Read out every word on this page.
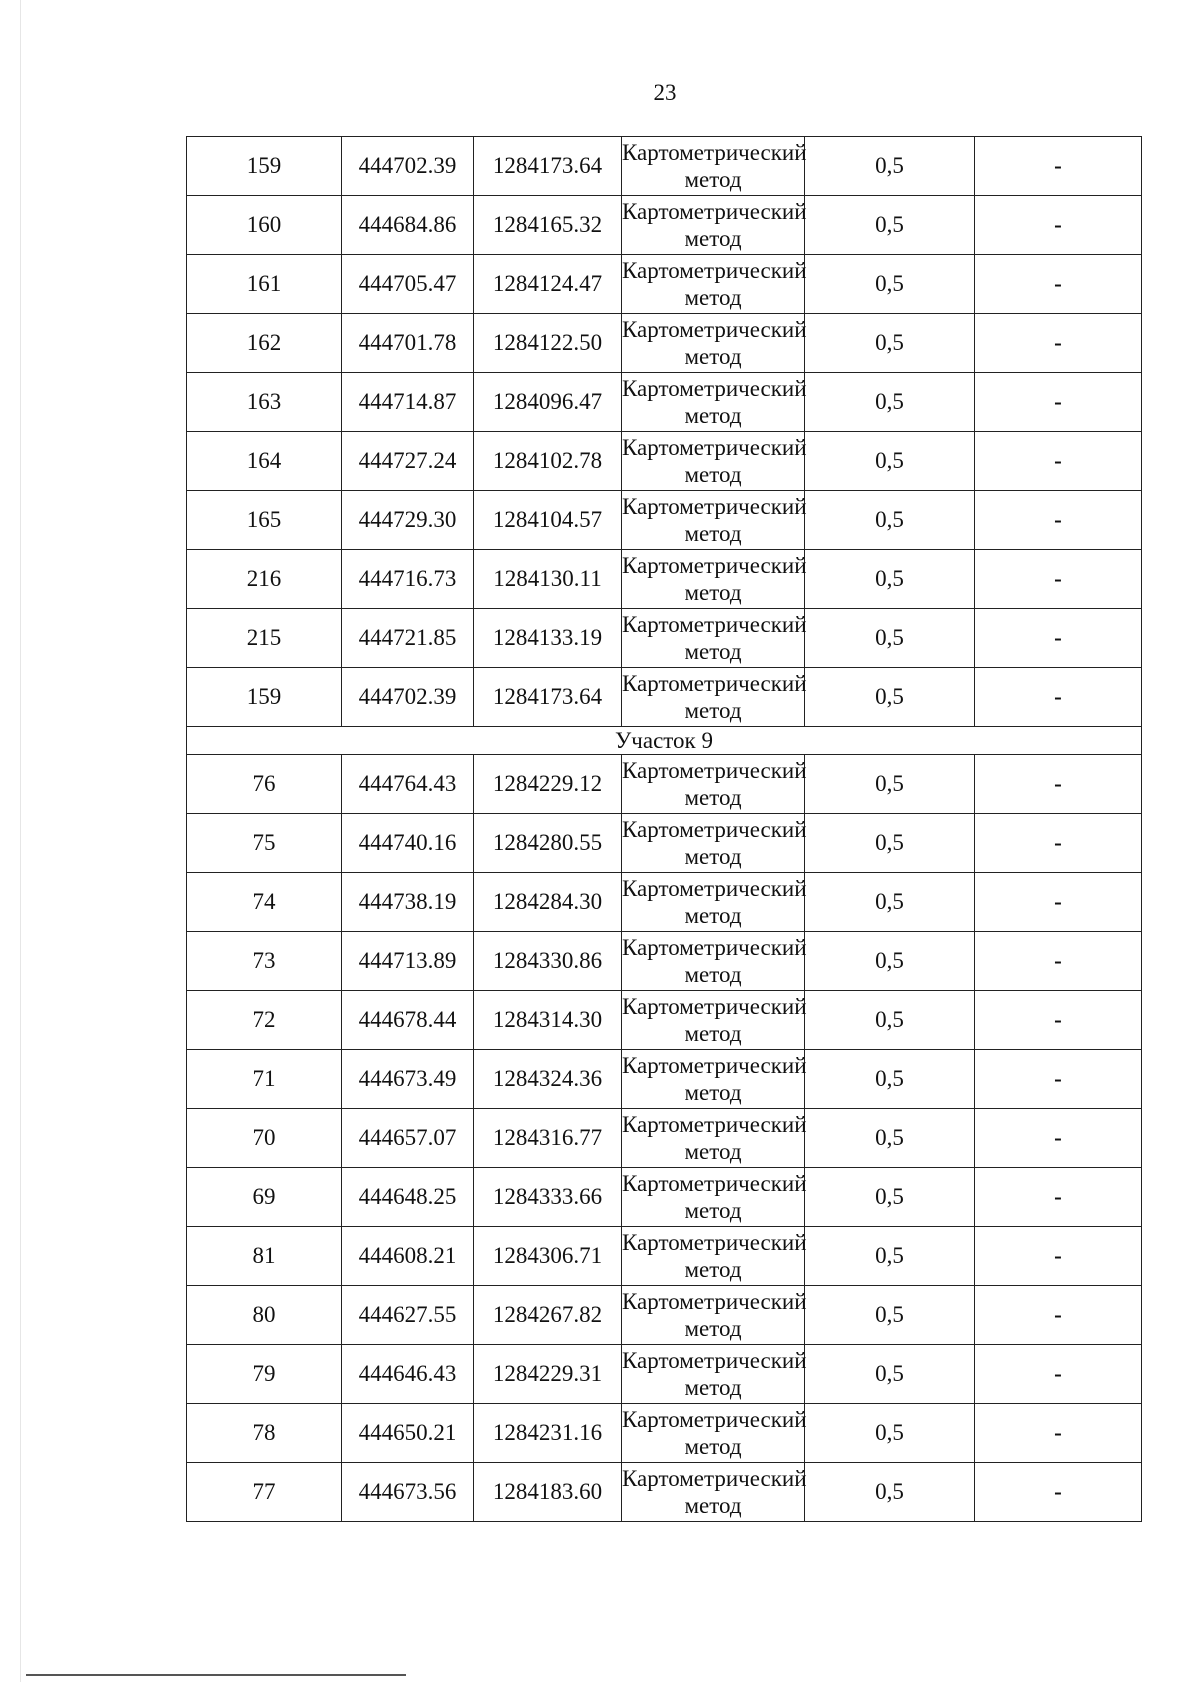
23
159	444702.39	1284173.64	Картометрический метод	0,5	-
160	444684.86	1284165.32	Картометрический метод	0,5	-
161	444705.47	1284124.47	Картометрический метод	0,5	-
162	444701.78	1284122.50	Картометрический метод	0,5	-
163	444714.87	1284096.47	Картометрический метод	0,5	-
164	444727.24	1284102.78	Картометрический метод	0,5	-
165	444729.30	1284104.57	Картометрический метод	0,5	-
216	444716.73	1284130.11	Картометрический метод	0,5	-
215	444721.85	1284133.19	Картометрический метод	0,5	-
159	444702.39	1284173.64	Картометрический метод	0,5	-
Участок 9					
76	444764.43	1284229.12	Картометрический метод	0,5	-
75	444740.16	1284280.55	Картометрический метод	0,5	-
74	444738.19	1284284.30	Картометрический метод	0,5	-
73	444713.89	1284330.86	Картометрический метод	0,5	-
72	444678.44	1284314.30	Картометрический метод	0,5	-
71	444673.49	1284324.36	Картометрический метод	0,5	-
70	444657.07	1284316.77	Картометрический метод	0,5	-
69	444648.25	1284333.66	Картометрический метод	0,5	-
81	444608.21	1284306.71	Картометрический метод	0,5	-
80	444627.55	1284267.82	Картометрический метод	0,5	-
79	444646.43	1284229.31	Картометрический метод	0,5	-
78	444650.21	1284231.16	Картометрический метод	0,5	-
77	444673.56	1284183.60	Картометрический метод	0,5	-
